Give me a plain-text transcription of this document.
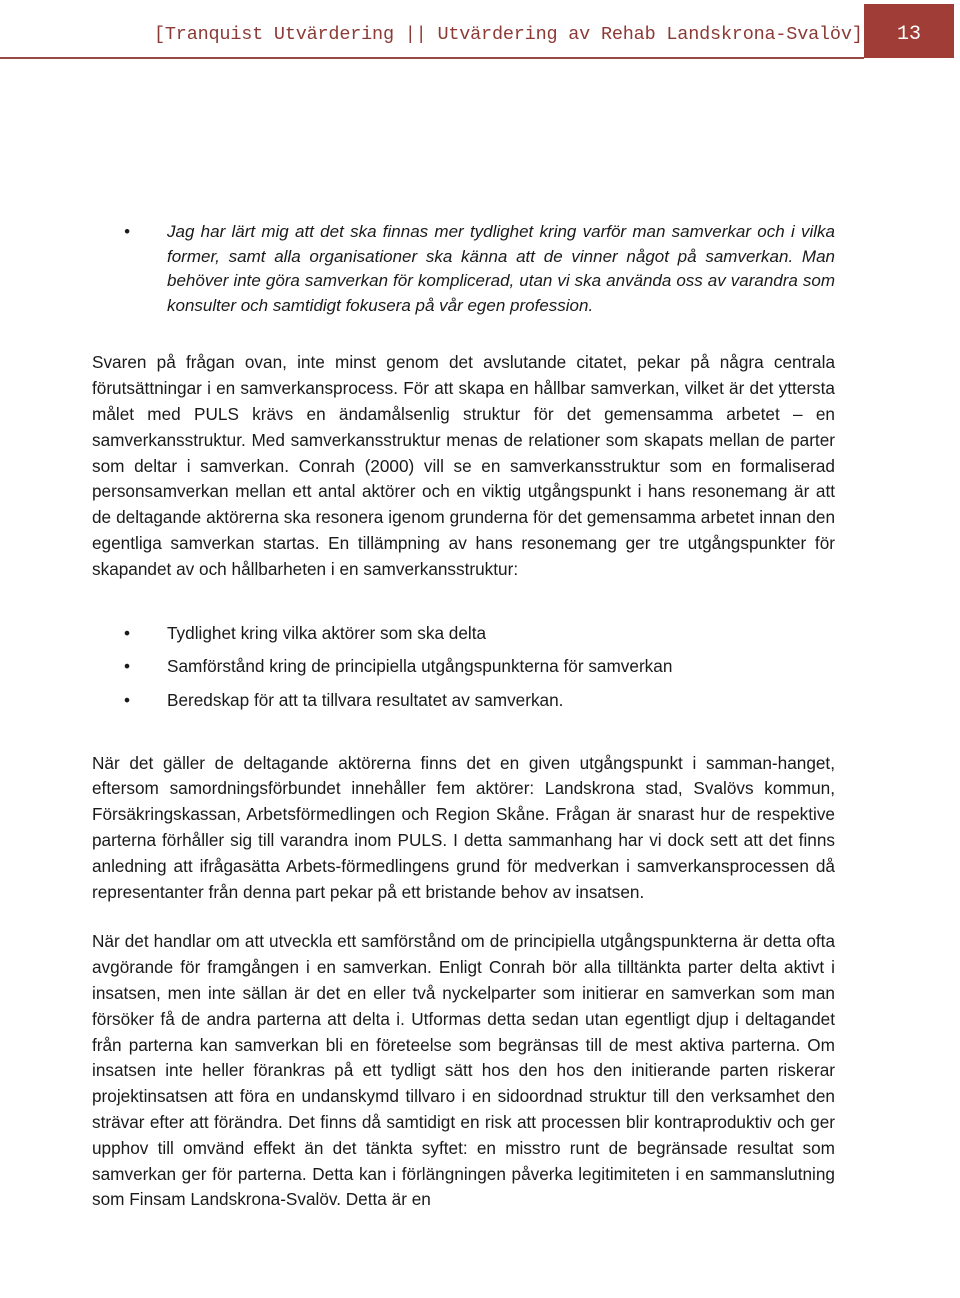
[Tranquist Utvärdering || Utvärdering av Rehab Landskrona-Svalöv]	13
• Jag har lärt mig att det ska finnas mer tydlighet kring varför man samverkar och i vilka former, samt alla organisationer ska känna att de vinner något på samverkan. Man behöver inte göra samverkan för komplicerad, utan vi ska använda oss av varandra som konsulter och samtidigt fokusera på vår egen profession.

Svaren på frågan ovan, inte minst genom det avslutande citatet, pekar på några centrala förutsättningar i en samverkansprocess. För att skapa en hållbar samverkan, vilket är det yttersta målet med PULS krävs en ändamålsenlig struktur för det gemensamma arbetet – en samverkansstruktur. Med samverkansstruktur menas de relationer som skapats mellan de parter som deltar i samverkan. Conrah (2000) vill se en samverkansstruktur som en formaliserad personsamverkan mellan ett antal aktörer och en viktig utgångspunkt i hans resonemang är att de deltagande aktörerna ska resonera igenom grunderna för det gemensamma arbetet innan den egentliga samverkan startas. En tillämpning av hans resonemang ger tre utgångspunkter för skapandet av och hållbarheten i en samverkansstruktur:

• Tydlighet kring vilka aktörer som ska delta
• Samförstånd kring de principiella utgångspunkterna för samverkan
• Beredskap för att ta tillvara resultatet av samverkan.

När det gäller de deltagande aktörerna finns det en given utgångspunkt i samman-hanget, eftersom samordningsförbundet innehåller fem aktörer: Landskrona stad, Svalövs kommun, Försäkringskassan, Arbetsförmedlingen och Region Skåne. Frågan är snarast hur de respektive parterna förhåller sig till varandra inom PULS. I detta sammanhang har vi dock sett att det finns anledning att ifrågasätta Arbets-förmedlingens grund för medverkan i samverkansprocessen då representanter från denna part pekar på ett bristande behov av insatsen.

När det handlar om att utveckla ett samförstånd om de principiella utgångspunkterna är detta ofta avgörande för framgången i en samverkan. Enligt Conrah bör alla tilltänkta parter delta aktivt i insatsen, men inte sällan är det en eller två nyckelparter som initierar en samverkan som man försöker få de andra parterna att delta i. Utformas detta sedan utan egentligt djup i deltagandet från parterna kan samverkan bli en företeelse som begränsas till de mest aktiva parterna. Om insatsen inte heller förankras på ett tydligt sätt hos den hos den initierande parten riskerar projektinsatsen att föra en undanskymd tillvaro i en sidoordnad struktur till den verksamhet den strävar efter att förändra. Det finns då samtidigt en risk att processen blir kontraproduktiv och ger upphov till omvänd effekt än det tänkta syftet: en misstro runt de begränsade resultat som samverkan ger för parterna. Detta kan i förlängningen påverka legitimiteten i en sammanslutning som Finsam Landskrona-Svalöv. Detta är en
